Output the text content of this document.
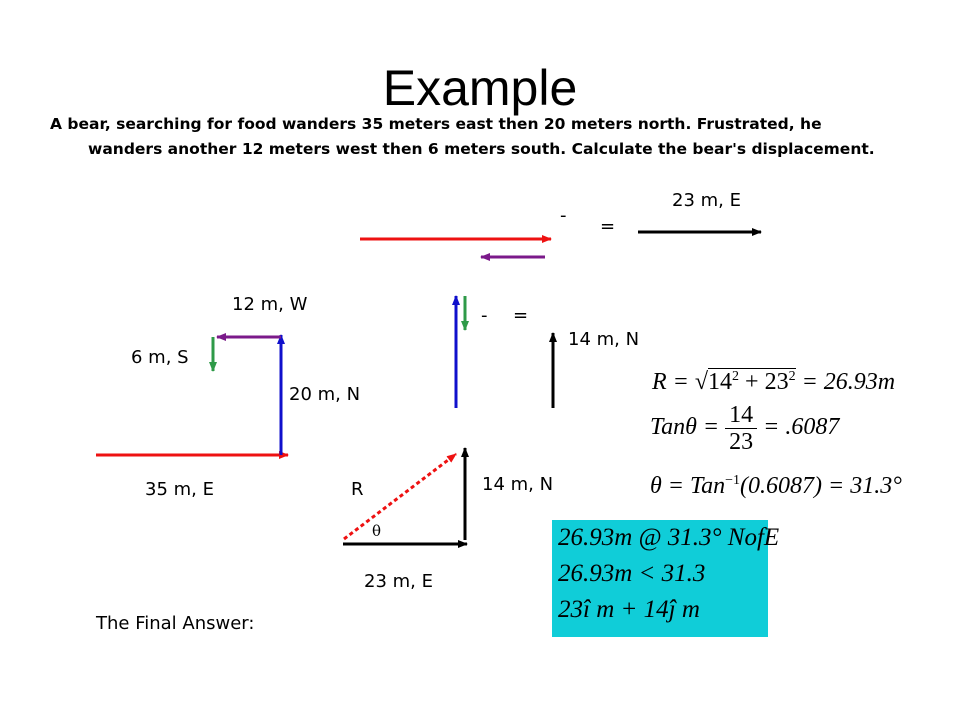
Example
A bear, searching for food wanders 35 meters east then 20 meters north. Frustrated, he
wanders another 12 meters west then 6 meters south. Calculate the bear's displacement.
23 m, E
-
=
12 m, W
- =
14 m, N
6 m, S
20 m, N
35 m, E	R	14 m, N
θ
23 m, E
The Final Answer:
$R = √14^2 + 23^2 = 26.93m$
$Tan\theta = \frac{14}{23} = .6087$
θ = Tan$^{-1}$(0.6087) = 31.3°
26.93m @ 31.3° NofE
26.93m < 31.3
23î m + 14ĵ m
